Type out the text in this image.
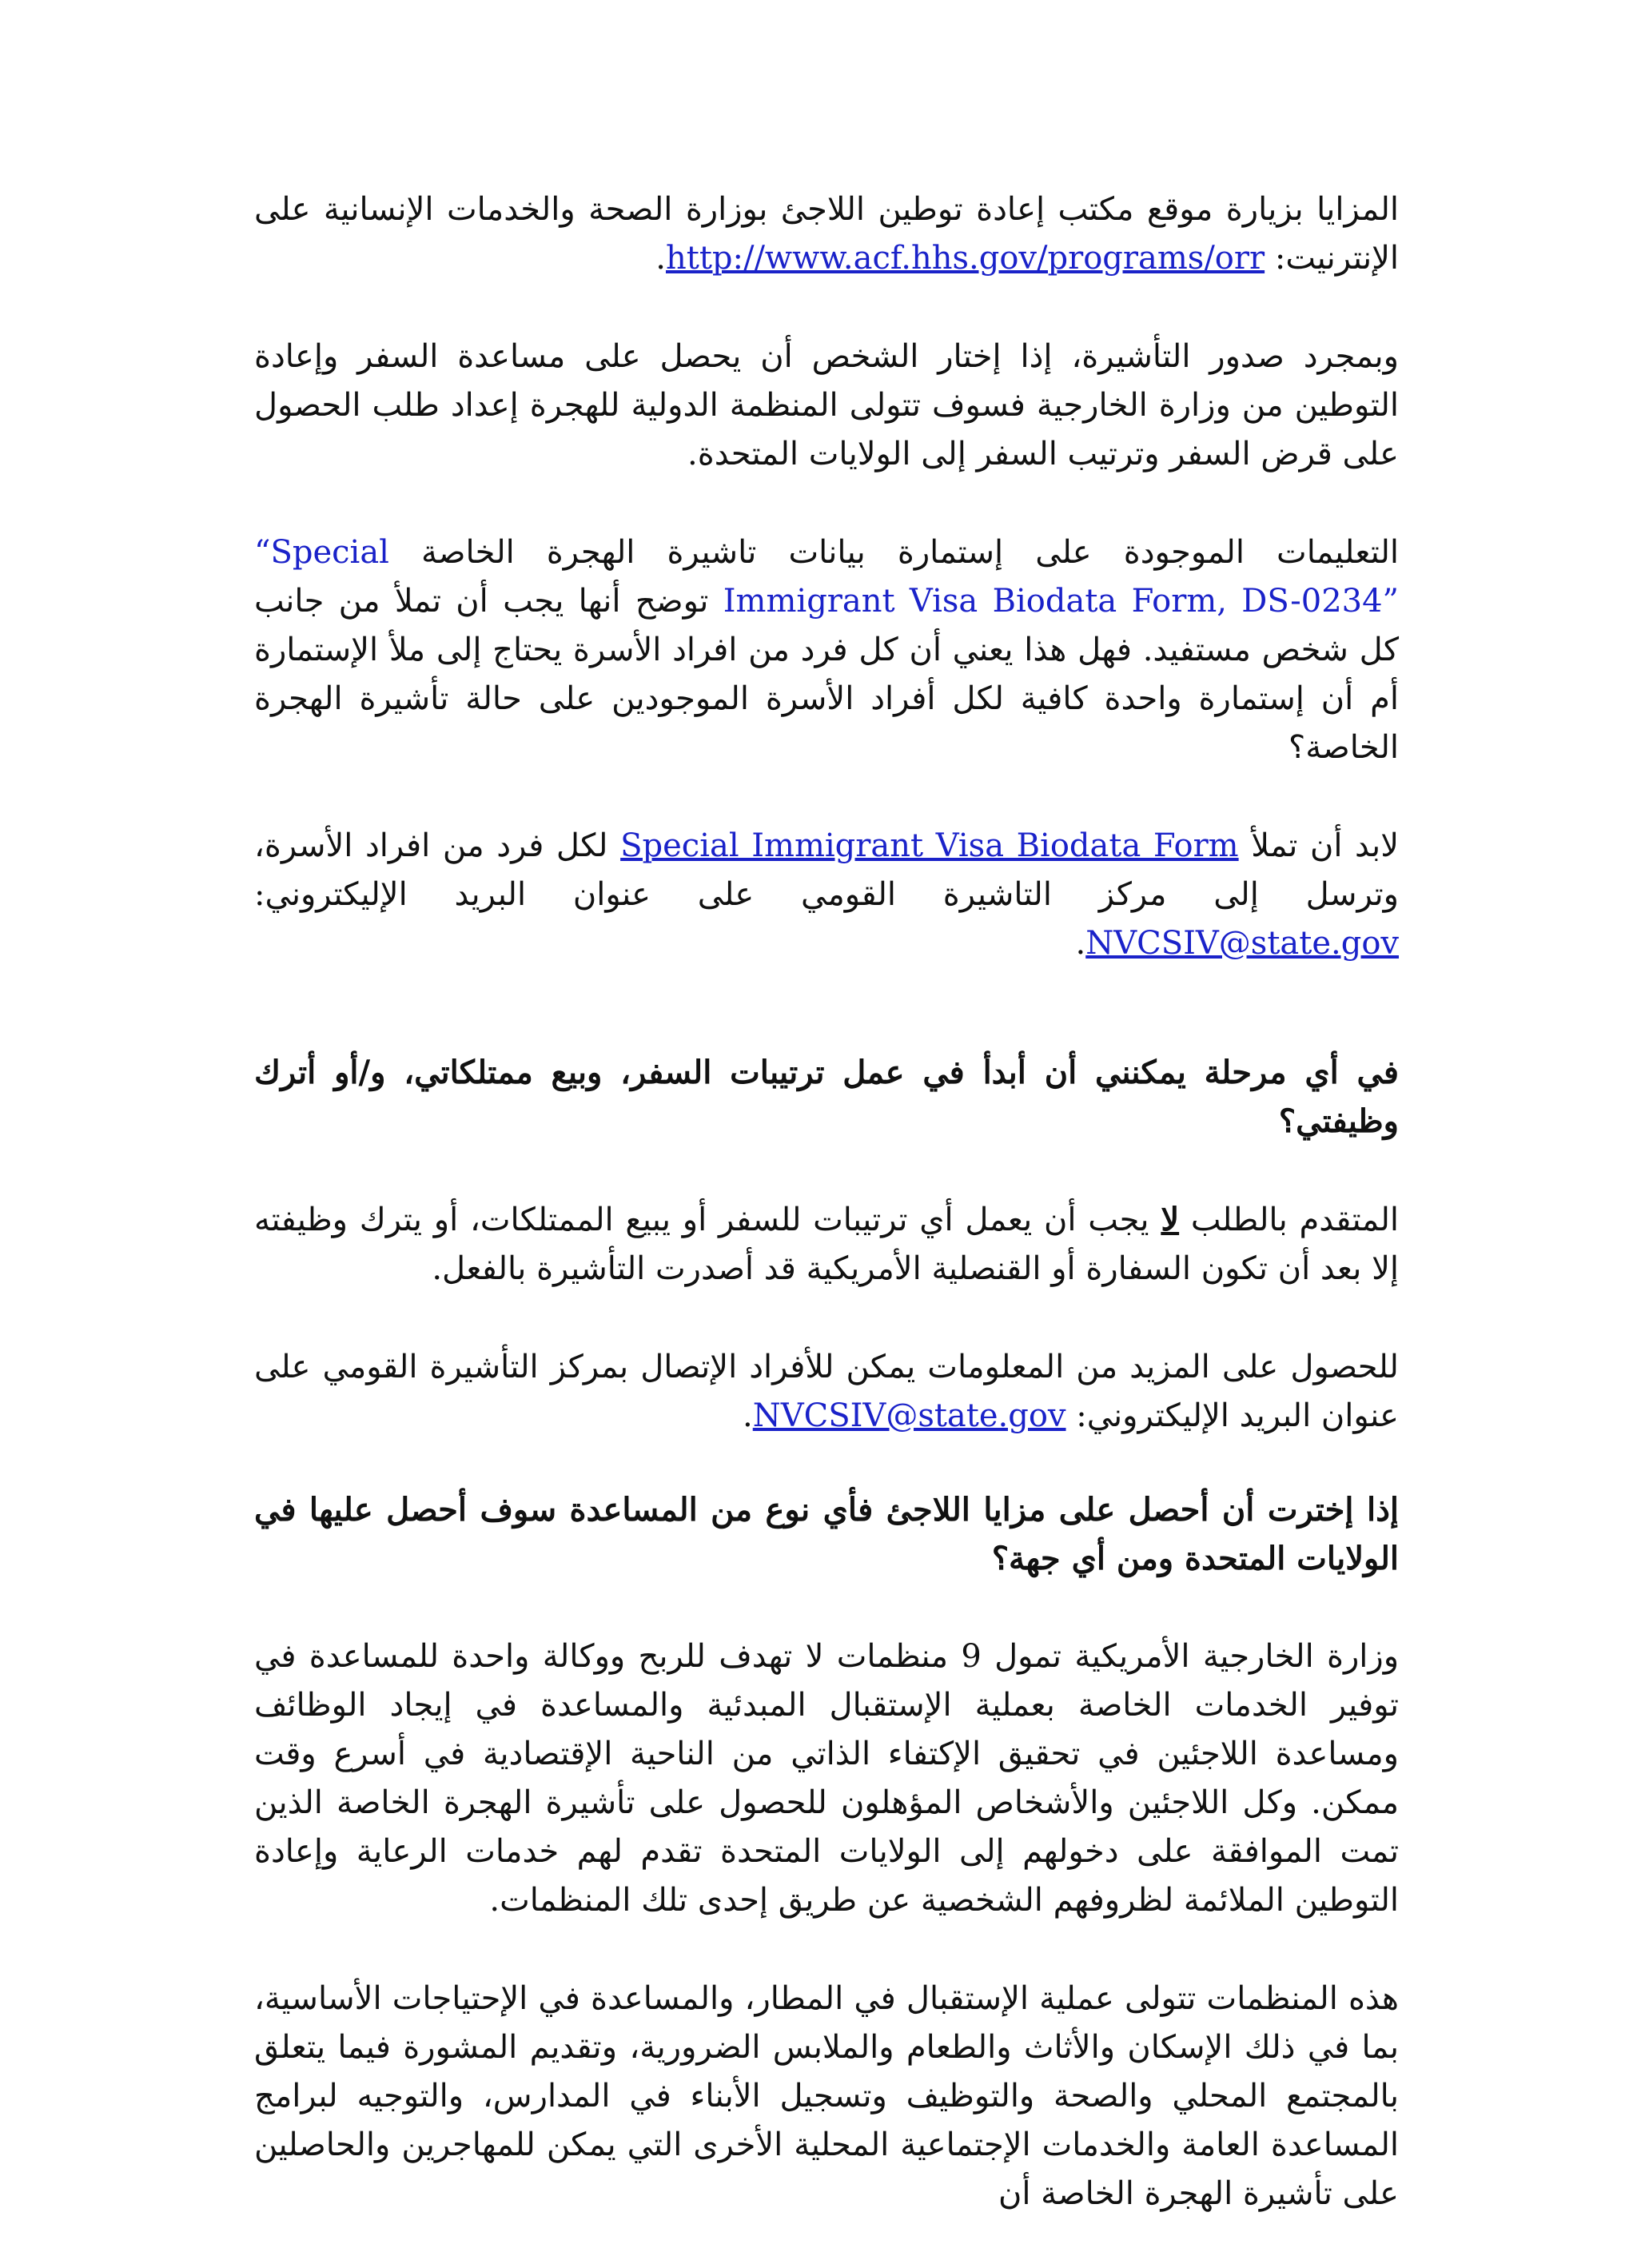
المزايا بزيارة موقع مكتب إعادة توطين اللاجئ بوزارة الصحة والخدمات الإنسانية على الإنترنيت: http://www.acf.hhs.gov/programs/orr.

وبمجرد صدور التأشيرة، إذا إختار الشخص أن يحصل على مساعدة السفر وإعادة التوطين من وزارة الخارجية فسوف تتولى المنظمة الدولية للهجرة إعداد طلب الحصول على قرض السفر وترتيب السفر إلى الولايات المتحدة.

التعليمات الموجودة على إستمارة بيانات تاشيرة الهجرة الخاصة “Special Immigrant Visa Biodata Form, DS-0234” توضح أنها يجب أن تملأ من جانب كل شخص مستفيد. فهل هذا يعني أن كل فرد من افراد الأسرة يحتاج إلى ملأ الإستمارة أم أن إستمارة واحدة كافية لكل أفراد الأسرة الموجودين على حالة تأشيرة الهجرة الخاصة؟

لابد أن تملأ Special Immigrant Visa Biodata Form لكل فرد من افراد الأسرة، وترسل إلى مركز التاشيرة القومي على عنوان البريد الإليكتروني: NVCSIV@state.gov.

في أي مرحلة يمكنني أن أبدأ في عمل ترتيبات السفر، وبيع ممتلكاتي، و/أو أترك وظيفتي؟

المتقدم بالطلب لا يجب أن يعمل أي ترتيبات للسفر أو يبيع الممتلكات، أو يترك وظيفته إلا بعد أن تكون السفارة أو القنصلية الأمريكية قد أصدرت التأشيرة بالفعل.

للحصول على المزيد من المعلومات يمكن للأفراد الإتصال بمركز التأشيرة القومي على عنوان البريد الإليكتروني: NVCSIV@state.gov.

إذا إخترت أن أحصل على مزايا اللاجئ فأي نوع من المساعدة سوف أحصل عليها في الولايات المتحدة ومن أي جهة؟

وزارة الخارجية الأمريكية تمول 9 منظمات لا تهدف للربح ووكالة واحدة للمساعدة في توفير الخدمات الخاصة بعملية الإستقبال المبدئية والمساعدة في إيجاد الوظائف ومساعدة اللاجئين في تحقيق الإكتفاء الذاتي من الناحية الإقتصادية في أسرع وقت ممكن. وكل اللاجئين والأشخاص المؤهلون للحصول على تأشيرة الهجرة الخاصة الذين تمت الموافقة على دخولهم إلى الولايات المتحدة تقدم لهم خدمات الرعاية وإعادة التوطين الملائمة لظروفهم الشخصية عن طريق إحدى تلك المنظمات.

هذه المنظمات تتولى عملية الإستقبال في المطار، والمساعدة في الإحتياجات الأساسية، بما في ذلك الإسكان والأثاث والطعام والملابس الضرورية، وتقديم المشورة فيما يتعلق بالمجتمع المحلي والصحة والتوظيف وتسجيل الأبناء في المدارس، والتوجيه لبرامج المساعدة العامة والخدمات الإجتماعية المحلية الأخرى التي يمكن للمهاجرين والحاصلين على تأشيرة الهجرة الخاصة أن
